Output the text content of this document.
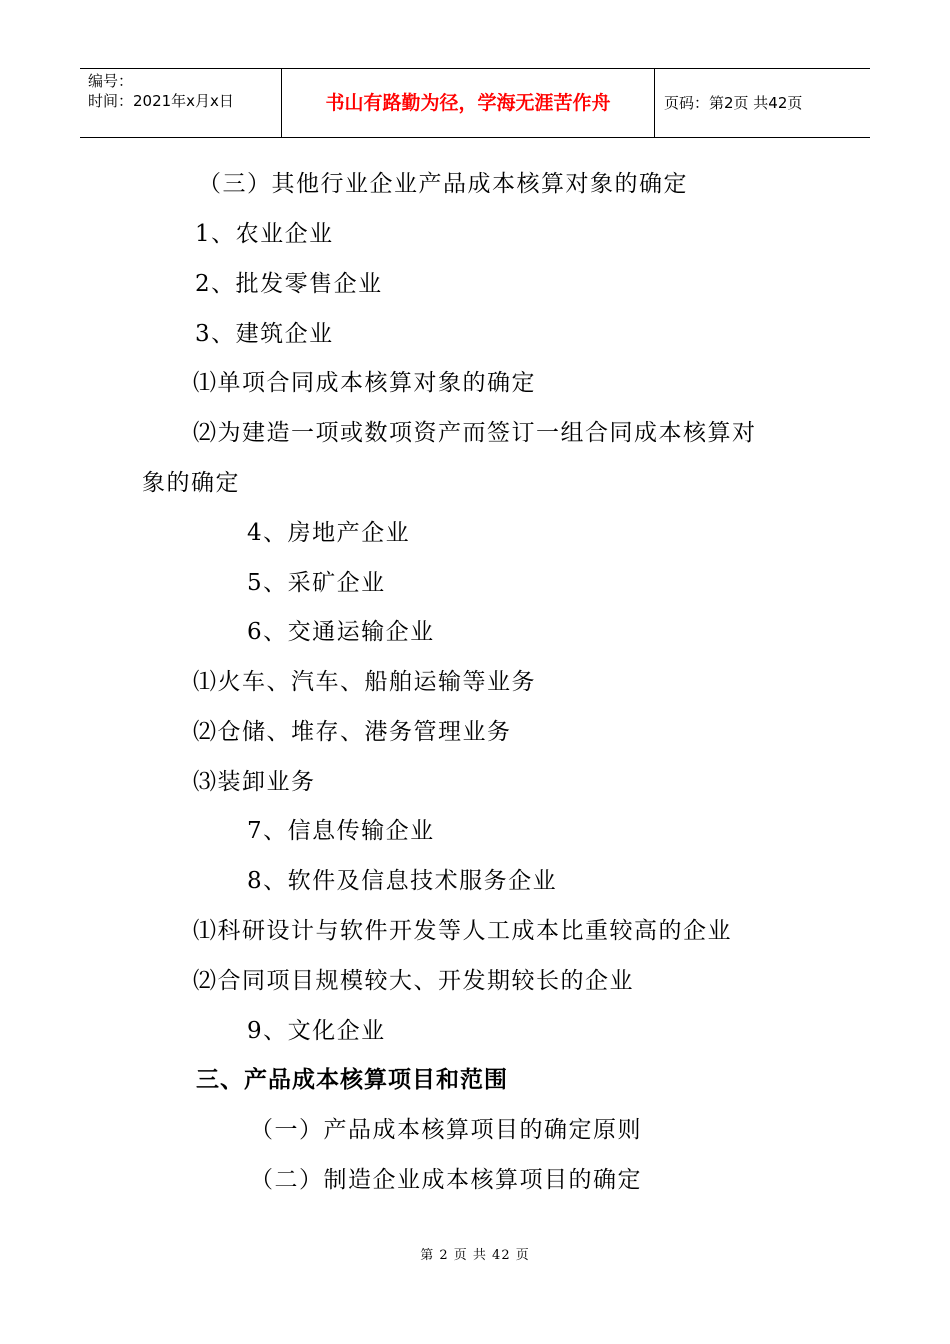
编号：
时间：2021年x月x日	书山有路勤为径，学海无涯苦作舟	页码：第2页 共42页
（三）其他行业企业产品成本核算对象的确定
1、农业企业
2、批发零售企业
3、建筑企业
⑴单项合同成本核算对象的确定
⑵为建造一项或数项资产而签订一组合同成本核算对
象的确定
4、房地产企业
5、采矿企业
6、交通运输企业
⑴火车、汽车、船舶运输等业务
⑵仓储、堆存、港务管理业务
⑶装卸业务
7、信息传输企业
8、软件及信息技术服务企业
⑴科研设计与软件开发等人工成本比重较高的企业
⑵合同项目规模较大、开发期较长的企业
9、文化企业
三、产品成本核算项目和范围
（一）产品成本核算项目的确定原则
（二）制造企业成本核算项目的确定
第 2 页 共 42 页
